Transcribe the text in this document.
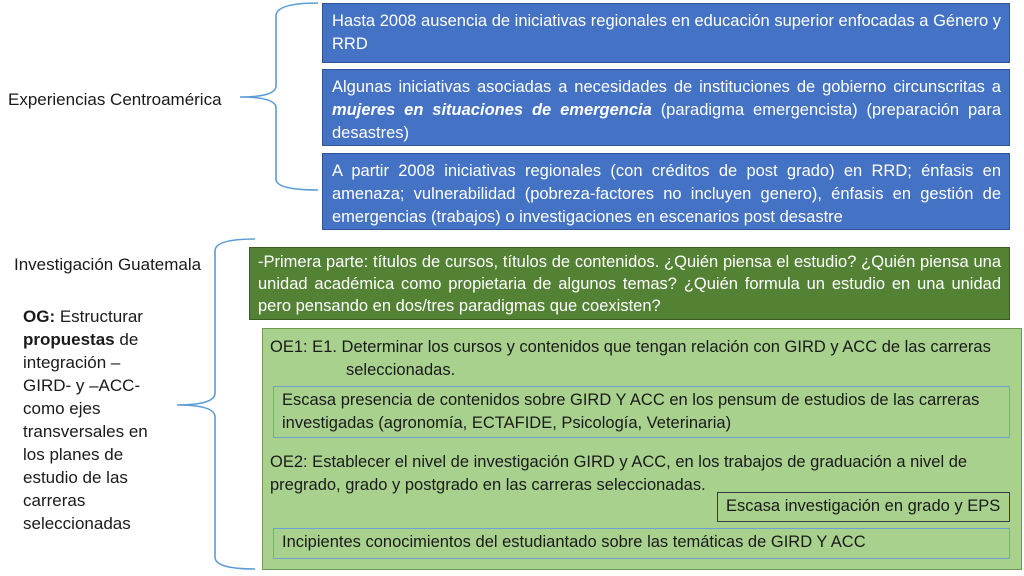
Experiencias Centroamérica
Hasta 2008 ausencia de iniciativas regionales en educación superior enfocadas a Género y RRD
Algunas iniciativas asociadas a necesidades de instituciones de gobierno circunscritas a mujeres en situaciones de emergencia (paradigma emergencista) (preparación para desastres)
A partir 2008 iniciativas regionales (con créditos de post grado) en RRD; énfasis en amenaza; vulnerabilidad (pobreza-factores no incluyen genero), énfasis en gestión de emergencias (trabajos) o investigaciones en escenarios post desastre
Investigación Guatemala
OG: Estructurar propuestas de integración –GIRD- y –ACC- como ejes transversales en los planes de estudio de las carreras seleccionadas
-Primera parte: títulos de cursos, títulos de contenidos. ¿Quién piensa el estudio? ¿Quién piensa una unidad académica como propietaria de algunos temas? ¿Quién formula un estudio en una unidad pero pensando en dos/tres paradigmas que coexisten?
OE1: E1. Determinar los cursos y contenidos que tengan relación con GIRD y ACC de las carreras
seleccionadas.
Escasa presencia de contenidos sobre GIRD Y ACC en los pensum de estudios de las carreras investigadas (agronomía, ECTAFIDE, Psicología, Veterinaria)
OE2: Establecer el nivel de investigación GIRD y ACC, en los trabajos de graduación a nivel de pregrado, grado y postgrado en las carreras seleccionadas.
Escasa investigación en grado y EPS
Incipientes conocimientos del estudiantado sobre las temáticas de GIRD Y ACC
